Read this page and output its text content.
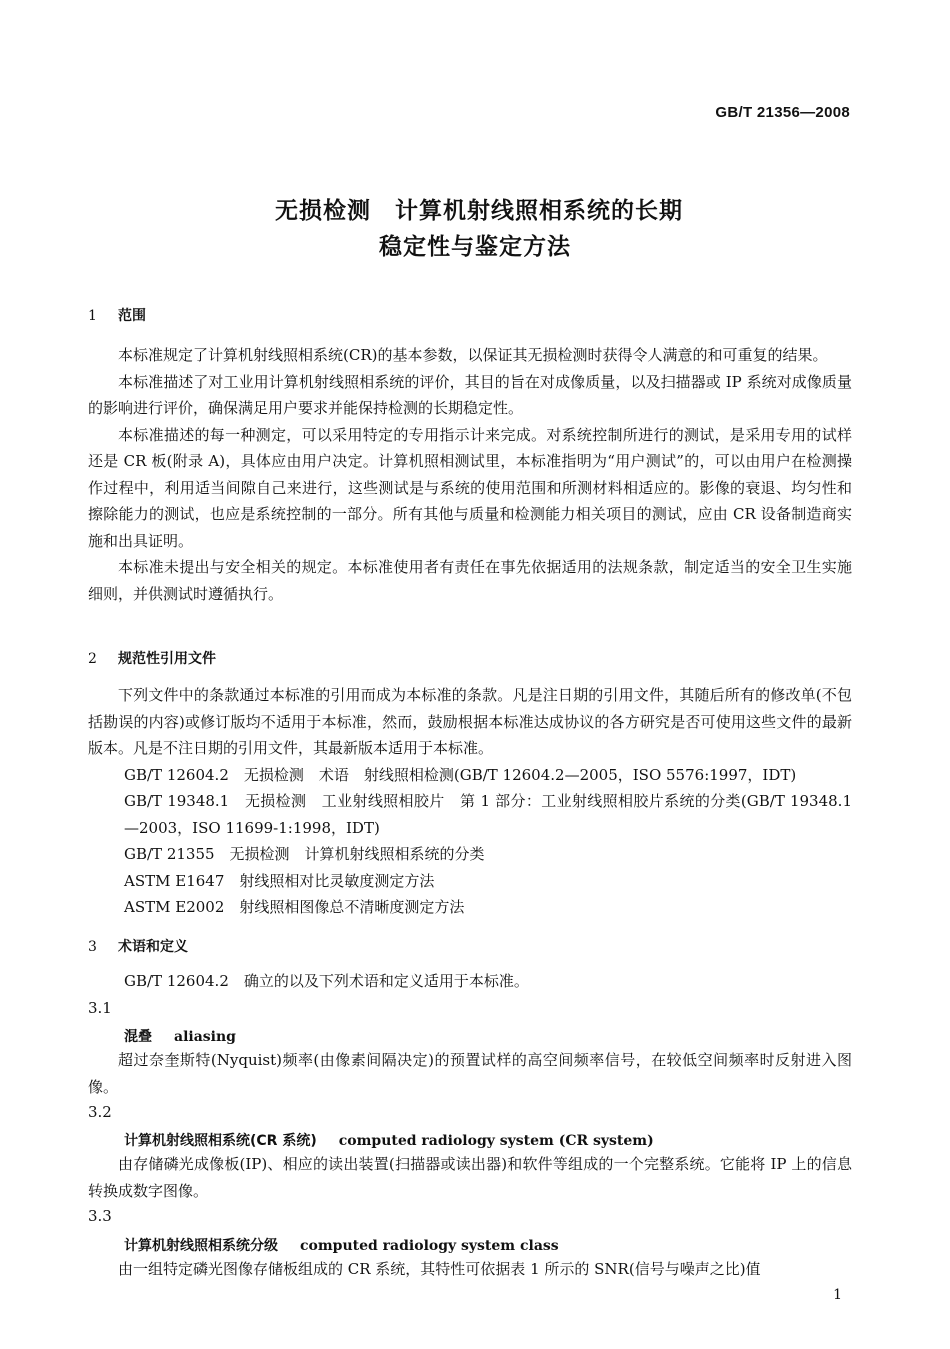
GB/T 21356—2008
无损检测　计算机射线照相系统的长期
稳定性与鉴定方法
1 范围

本标准规定了计算机射线照相系统(CR)的基本参数，以保证其无损检测时获得令人满意的和可重复的结果。

本标准描述了对工业用计算机射线照相系统的评价，其目的旨在对成像质量，以及扫描器或 IP 系统对成像质量的影响进行评价，确保满足用户要求并能保持检测的长期稳定性。

本标准描述的每一种测定，可以采用特定的专用指示计来完成。对系统控制所进行的测试，是采用专用的试样还是 CR 板(附录 A)，具体应由用户决定。计算机照相测试里，本标准指明为“用户测试”的，可以由用户在检测操作过程中，利用适当间隙自己来进行，这些测试是与系统的使用范围和所测材料相适应的。影像的衰退、均匀性和擦除能力的测试，也应是系统控制的一部分。所有其他与质量和检测能力相关项目的测试，应由 CR 设备制造商实施和出具证明。

本标准未提出与安全相关的规定。本标准使用者有责任在事先依据适用的法规条款，制定适当的安全卫生实施细则，并供测试时遵循执行。

2 规范性引用文件

下列文件中的条款通过本标准的引用而成为本标准的条款。凡是注日期的引用文件，其随后所有的修改单(不包括勘误的内容)或修订版均不适用于本标准，然而，鼓励根据本标准达成协议的各方研究是否可使用这些文件的最新版本。凡是不注日期的引用文件，其最新版本适用于本标准。

GB/T 12604.2　无损检测　术语　射线照相检测(GB/T 12604.2—2005，ISO 5576:1997，IDT)

GB/T 19348.1　无损检测　工业射线照相胶片　第 1 部分：工业射线照相胶片系统的分类(GB/T 19348.1—2003，ISO 11699-1:1998，IDT)

GB/T 21355　无损检测　计算机射线照相系统的分类

ASTM E1647　射线照相对比灵敏度测定方法

ASTM E2002　射线照相图像总不清晰度测定方法

3 术语和定义

GB/T 12604.2　确立的以及下列术语和定义适用于本标准。

3.1
混叠 aliasing

超过奈奎斯特(Nyquist)频率(由像素间隔决定)的预置试样的高空间频率信号，在较低空间频率时反射进入图像。

3.2
计算机射线照相系统(CR 系统) computed radiology system (CR system)

由存储磷光成像板(IP)、相应的读出装置(扫描器或读出器)和软件等组成的一个完整系统。它能将 IP 上的信息转换成数字图像。

3.3
计算机射线照相系统分级 computed radiology system class

由一组特定磷光图像存储板组成的 CR 系统，其特性可依据表 1 所示的 SNR(信号与噪声之比)值

1
